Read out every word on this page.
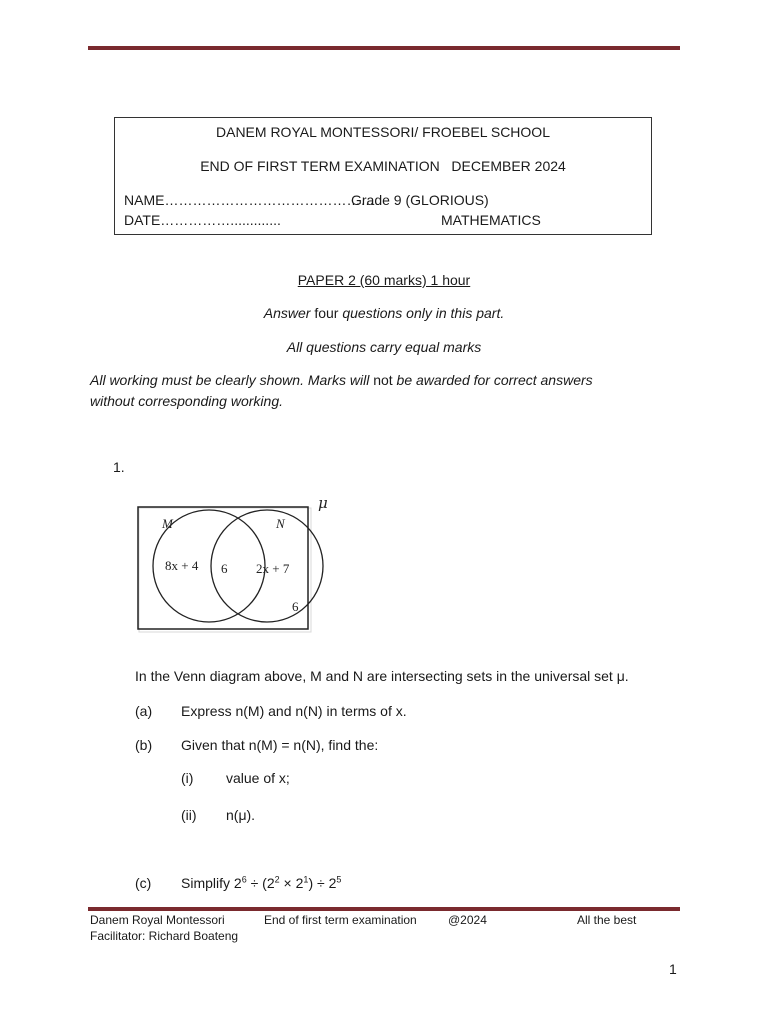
DANEM ROYAL MONTESSORI/ FROEBEL SCHOOL
END OF FIRST TERM EXAMINATION   DECEMBER 2024
NAME………………………………………
Grade 9 (GLORIOUS)
DATE…………….............	MATHEMATICS
PAPER 2 (60 marks) 1 hour
Answer four questions only in this part.
All questions carry equal marks
All working must be clearly shown. Marks will not be awarded for correct answers
without corresponding working.
1.
μ
M	N
8x + 4 6 2x + 7
6
In the Venn diagram above, M and N are intersecting sets in the universal set μ.
(a) Express n(M) and n(N) in terms of x.
(b) Given that n(M) = n(N), find the:
(i) value of x;
(ii) n(μ).
(c) Simplify $2^6 \div (2^2 \times 2^1) \div 2^5$
Danem Royal Montessori	End of first term examination	@2024	All the best
Facilitator: Richard Boateng
1
